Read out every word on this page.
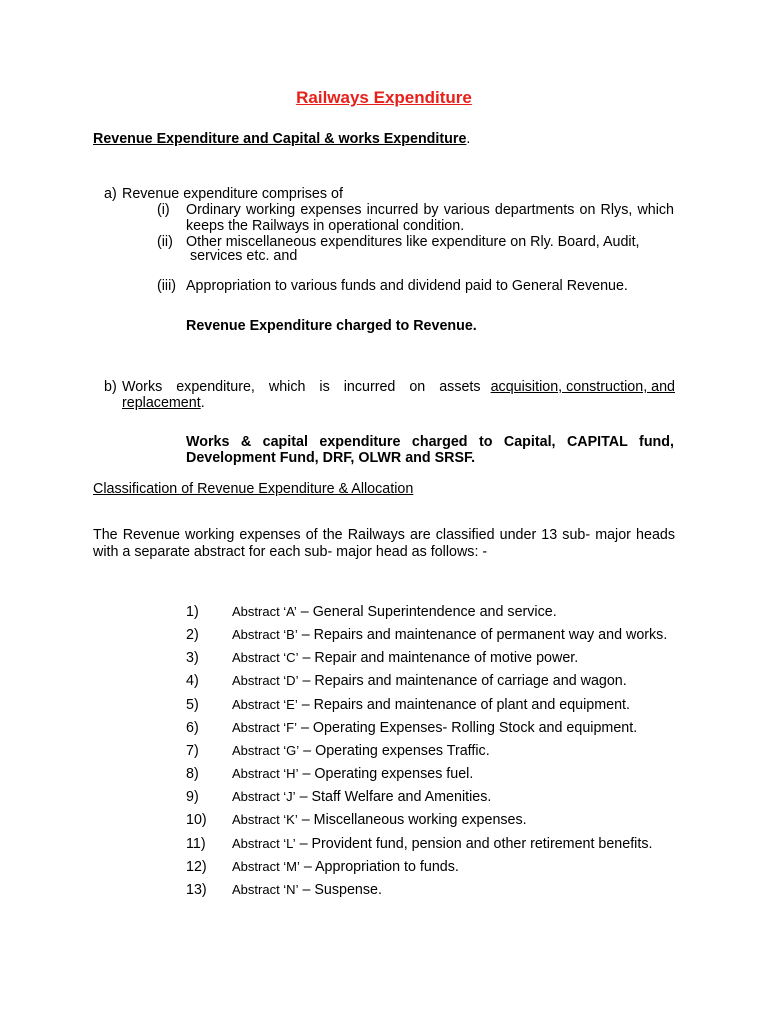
Railways Expenditure
Revenue Expenditure and Capital & works Expenditure.
a) Revenue expenditure comprises of
(i) Ordinary working expenses incurred by various departments on Rlys, which
keeps the Railways in operational condition.
(ii) Other miscellaneous expenditures like expenditure on Rly. Board, Audit,
services etc. and
(iii) Appropriation to various funds and dividend paid to General Revenue.
Revenue Expenditure charged to Revenue.
b) Works expenditure, which is incurred on assets acquisition, construction, and
replacement.
Works & capital expenditure charged to Capital, CAPITAL fund,
Development Fund, DRF, OLWR and SRSF.
Classification of Revenue Expenditure & Allocation
The Revenue working expenses of the Railways are classified under 13 sub- major heads
with a separate abstract for each sub- major head as follows: -
1)	Abstract ‘A’ – General Superintendence and service.
2)	Abstract ‘B’ – Repairs and maintenance of permanent way and works.
3)	Abstract ‘C’ – Repair and maintenance of motive power.
4)	Abstract ‘D’ – Repairs and maintenance of carriage and wagon.
5)	Abstract ‘E’ – Repairs and maintenance of plant and equipment.
6)	Abstract ‘F’ – Operating Expenses- Rolling Stock and equipment.
7)	Abstract ‘G’ – Operating expenses Traffic.
8)	Abstract ‘H’ – Operating expenses fuel.
9)	Abstract ‘J’ – Staff Welfare and Amenities.
10) Abstract ‘K’ – Miscellaneous working expenses.
11) Abstract ‘L’ – Provident fund, pension and other retirement benefits.
12) Abstract ‘M’ – Appropriation to funds.
13) Abstract ‘N’ – Suspense.
